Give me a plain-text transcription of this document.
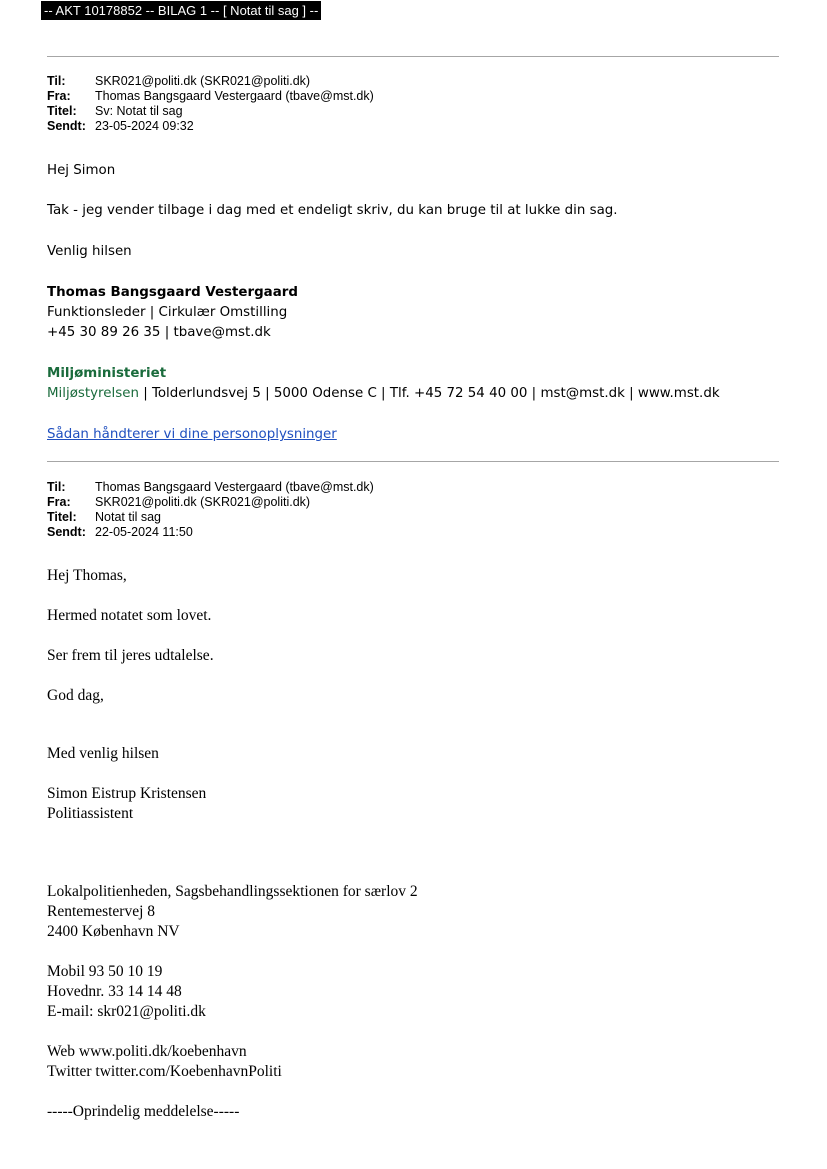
-- AKT 10178852 -- BILAG 1 -- [ Notat til sag ] --
Til: SKR021@politi.dk (SKR021@politi.dk)
Fra: Thomas Bangsgaard Vestergaard (tbave@mst.dk)
Titel: Sv: Notat til sag
Sendt: 23-05-2024 09:32
Hej Simon
Tak - jeg vender tilbage i dag med et endeligt skriv, du kan bruge til at lukke din sag.
Venlig hilsen
Thomas Bangsgaard Vestergaard
Funktionsleder | Cirkulær Omstilling
+45 30 89 26 35 | tbave@mst.dk
Miljøministeriet
Miljøstyrelsen | Tolderlundsvej 5 | 5000 Odense C | Tlf. +45 72 54 40 00 | mst@mst.dk | www.mst.dk
Sådan håndterer vi dine personoplysninger
Til: Thomas Bangsgaard Vestergaard (tbave@mst.dk)
Fra: SKR021@politi.dk (SKR021@politi.dk)
Titel: Notat til sag
Sendt: 22-05-2024 11:50
Hej Thomas,
Hermed notatet som lovet.
Ser frem til jeres udtalelse.
God dag,
Med venlig hilsen
Simon Eistrup Kristensen
Politiassistent
Lokalpolitienheden, Sagsbehandlingssektionen for særlov 2
Rentemestervej 8
2400 København NV
Mobil 93 50 10 19
Hovednr. 33 14 14 48
E-mail: skr021@politi.dk
Web www.politi.dk/koebenhavn
Twitter twitter.com/KoebenhavnPoliti
-----Oprindelig meddelelse-----
